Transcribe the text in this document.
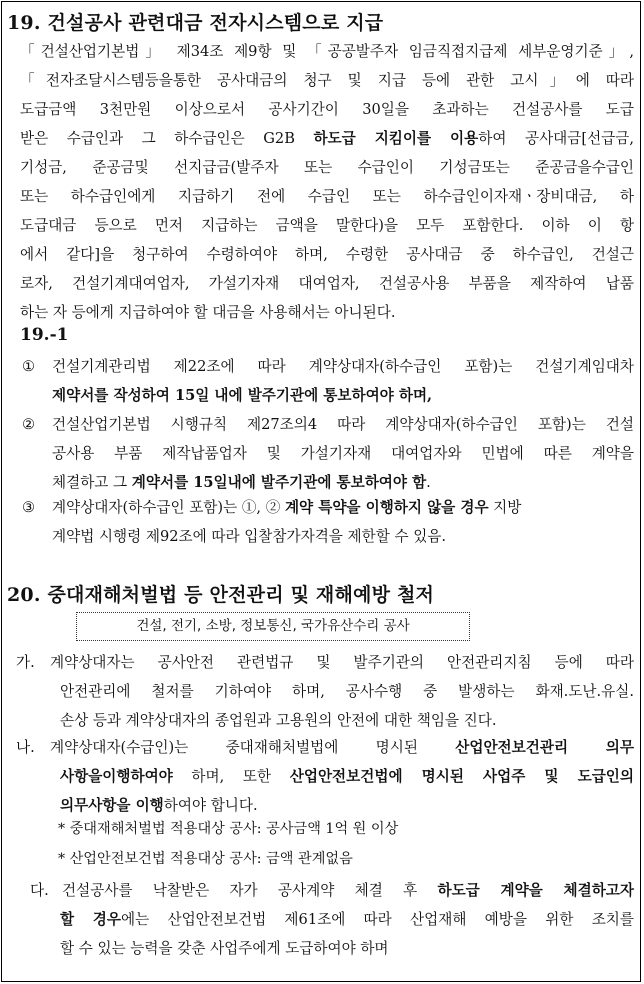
19. 건설공사 관련대금 전자시스템으로 지급
「건설산업기본법」 제34조 제9항 및 「공공발주자 임금직접지급제 세부운영기준」,
「전자조달시스템등을통한 공사대금의 청구 및 지급 등에 관한 고시」에 따라
도급금액 3천만원 이상으로서 공사기간이 30일을 초과하는 건설공사를 도급
받은 수급인과 그 하수급인은 G2B 하도급 지킴이를 이용하여 공사대금[선급금,
기성금, 준공금및 선지급금(발주자 또는 수급인이 기성금또는 준공금을수급인
또는 하수급인에게 지급하기 전에 수급인 또는 하수급인이자재ㆍ장비대금, 하
도급대금 등으로 먼저 지급하는 금액을 말한다)을 모두 포함한다. 이하 이 항
에서 같다]을 청구하여 수령하여야 하며, 수령한 공사대금 중 하수급인, 건설근
로자, 건설기계대여업자, 가설기자재 대여업자, 건설공사용 부품을 제작하여 납품
하는 자 등에게 지급하여야 할 대금을 사용해서는 아니된다.
19.-1
①	건설기계관리법 제22조에 따라 계약상대자(하수급인 포함)는 건설기계임대차
제약서를 작성하여 15일 내에 발주기관에 통보하여야 하며,
②	건설산업기본법 시행규칙 제27조의4 따라 계약상대자(하수급인 포함)는 건설
공사용 부품 제작납품업자 및 가설기자재 대여업자와 민법에 따른 계약을
체결하고 그 계약서를 15일내에 발주기관에 통보하여야 함.
③	계약상대자(하수급인 포함)는 ①, ② 계약 특약을 이행하지 않을 경우 지방
계약법 시행령 제92조에 따라 입찰참가자격을 제한할 수 있음.
20. 중대재해처벌법 등 안전관리 및 재해예방 철저
건설, 전기, 소방, 정보통신, 국가유산수리 공사
가.	계약상대자는 공사안전 관련법규 및 발주기관의 안전관리지침 등에 따라
안전관리에 철저를 기하여야 하며, 공사수행 중 발생하는 화재.도난.유실.
손상 등과 계약상대자의 종업원과 고용원의 안전에 대한 책임을 진다.
나.	계약상대자(수급인)는 중대재해처벌법에 명시된 산업안전보건관리 의무
사항을이행하여야 하며, 또한 산업안전보건법에 명시된 사업주 및 도급인의
의무사항을 이행하여야 합니다.
* 중대재해처벌법 적용대상 공사: 공사금액 1억 원 이상
* 산업안전보건법 적용대상 공사: 금액 관계없음
다. 건설공사를 낙찰받은 자가 공사계약 체결 후 하도급 계약을 체결하고자
할 경우에는 산업안전보건법 제61조에 따라 산업재해 예방을 위한 조치를
할 수 있는 능력을 갖춘 사업주에게 도급하여야 하며
